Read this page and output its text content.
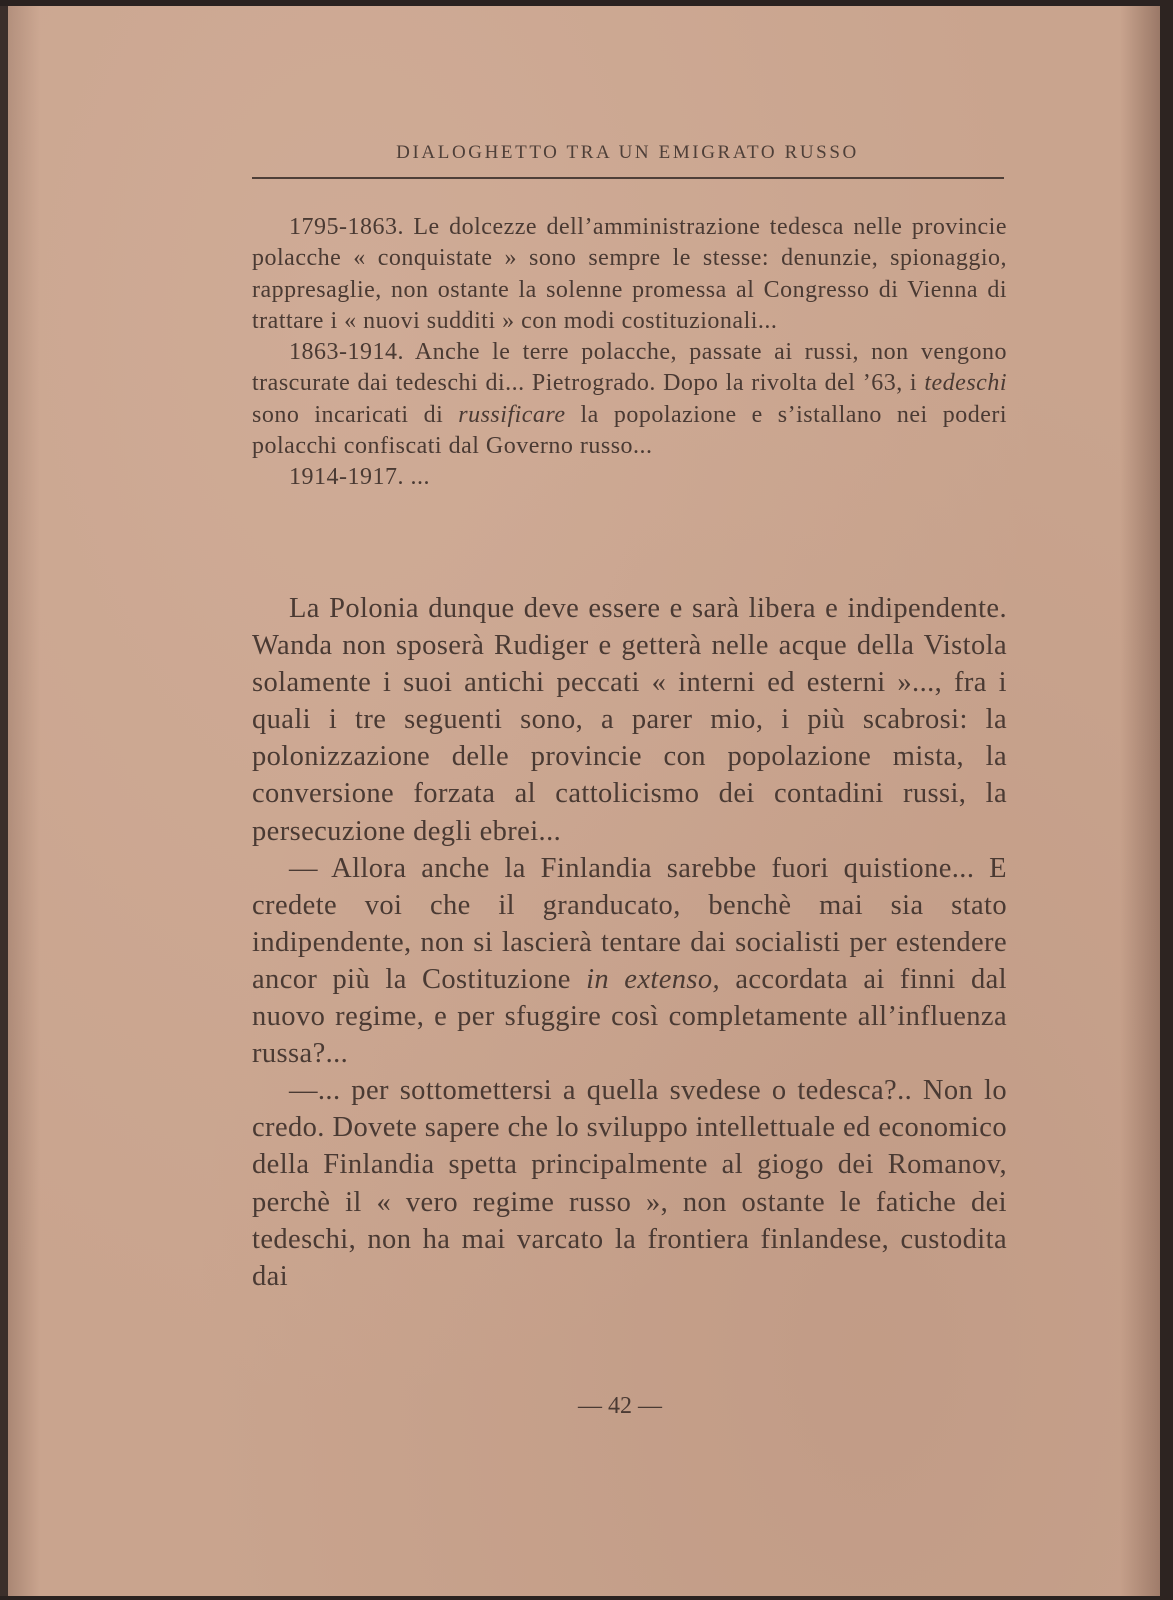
DIALOGHETTO TRA UN EMIGRATO RUSSO

1795-1863. Le dolcezze dell’amministrazione tedesca nelle provincie polacche « conquistate » sono sempre le stesse: denunzie, spionaggio, rappresaglie, non ostante la solenne promessa al Congresso di Vienna di trattare i « nuovi sudditi » con modi costituzionali...

1863-1914. Anche le terre polacche, passate ai russi, non vengono trascurate dai tedeschi di... Pietrogrado. Dopo la rivolta del ’63, i tedeschi sono incaricati di russificare la popolazione e s’istallano nei poderi polacchi confiscati dal Governo russo...

1914-1917. ...

La Polonia dunque deve essere e sarà libera e indipendente. Wanda non sposerà Rudiger e getterà nelle acque della Vistola solamente i suoi antichi peccati « interni ed esterni »..., fra i quali i tre seguenti sono, a parer mio, i più scabrosi: la polonizzazione delle provincie con popolazione mista, la conversione forzata al cattolicismo dei contadini russi, la persecuzione degli ebrei...

— Allora anche la Finlandia sarebbe fuori quistione... E credete voi che il granducato, benchè mai sia stato indipendente, non si lascierà tentare dai socialisti per estendere ancor più la Costituzione in extenso, accordata ai finni dal nuovo regime, e per sfuggire così completamente all’influenza russa?...

—... per sottomettersi a quella svedese o tedesca?.. Non lo credo. Dovete sapere che lo sviluppo intellettuale ed economico della Finlandia spetta principalmente al giogo dei Romanov, perchè il « vero regime russo », non ostante le fatiche dei tedeschi, non ha mai varcato la frontiera finlandese, custodita dai

— 42 —
